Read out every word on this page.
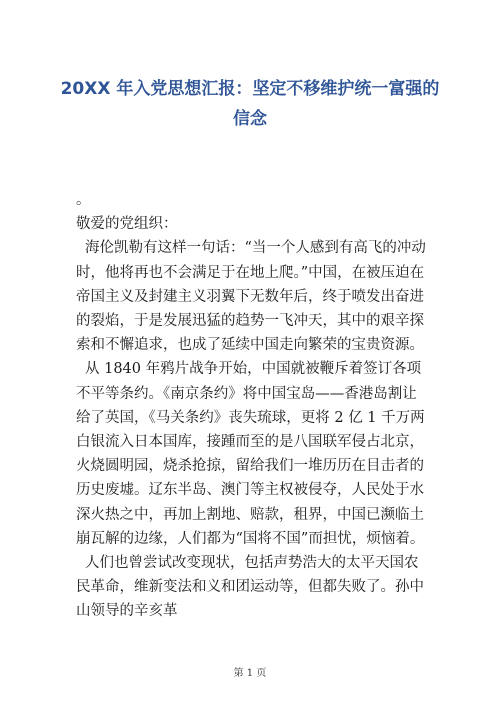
20XX 年入党思想汇报：坚定不移维护统一富强的信念

。

敬爱的党组织：

海伦凯勒有这样一句话：“当一个人感到有高飞的冲动时，他将再也不会满足于在地上爬。”中国，在被压迫在帝国主义及封建主义羽翼下无数年后，终于喷发出奋进的裂焰，于是发展迅猛的趋势一飞冲天，其中的艰辛探索和不懈追求，也成了延续中国走向繁荣的宝贵资源。

从 1840 年鸦片战争开始，中国就被鞭斥着签订各项不平等条约。《南京条约》将中国宝岛——香港岛割让给了英国，《马关条约》丧失琉球，更将 2 亿 1 千万两白银流入日本国库，接踵而至的是八国联军侵占北京，火烧圆明园，烧杀抢掠，留给我们一堆历历在目击者的历史废墟。辽东半岛、澳门等主权被侵夺，人民处于水深火热之中，再加上割地、赔款，租界，中国已濒临土崩瓦解的边缘，人们都为“国将不国”而担忧，烦恼着。

人们也曾尝试改变现状，包括声势浩大的太平天国农民革命，维新变法和义和团运动等，但都失败了。孙中山领导的辛亥革

第 1 页
